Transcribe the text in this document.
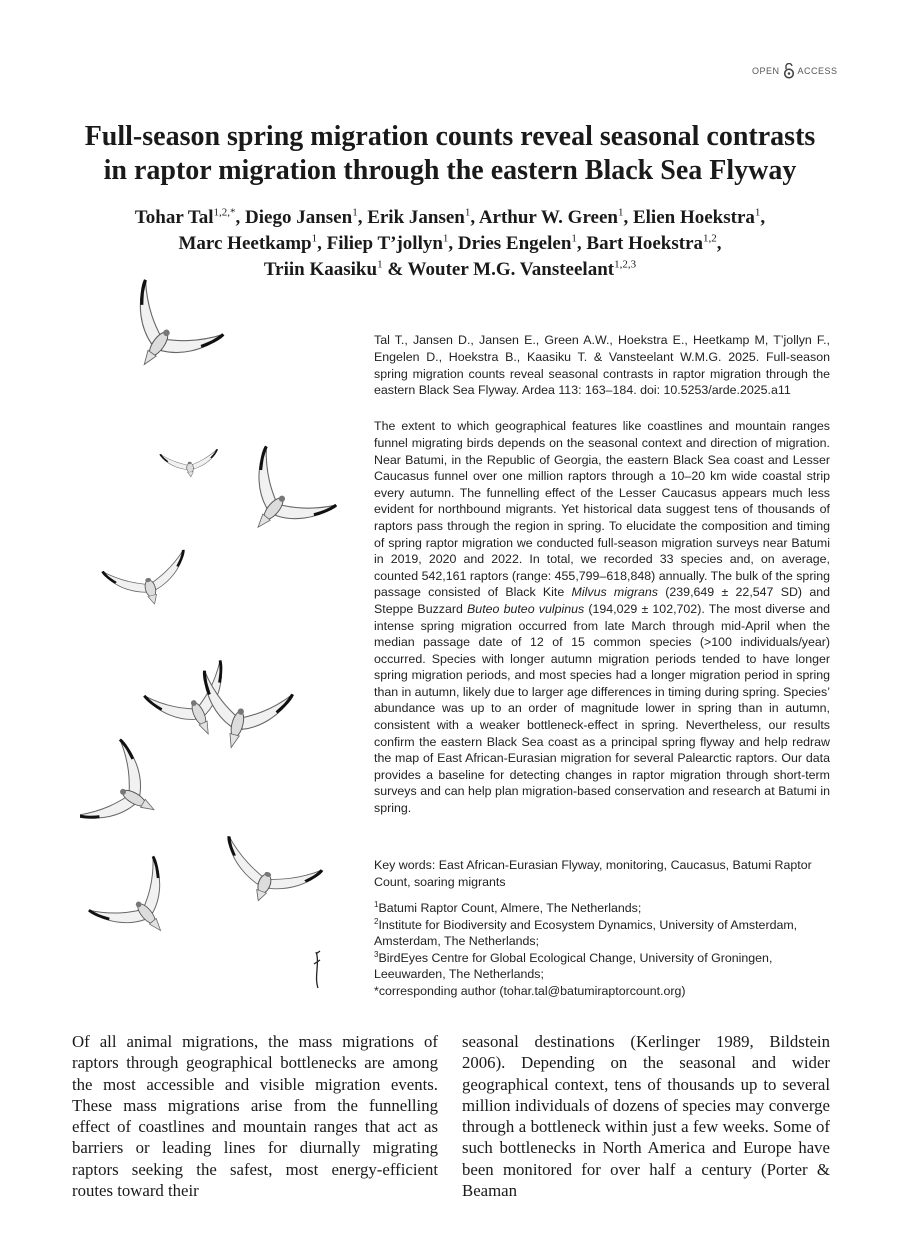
OPEN ACCESS
Full-season spring migration counts reveal seasonal contrasts
in raptor migration through the eastern Black Sea Flyway
Tohar Tal$^{1,2,*}$, Diego Jansen$^1$, Erik Jansen$^1$, Arthur W. Green$^1$, Elien Hoekstra$^1$,
Marc Heetkamp$^1$, Filiep T’jollyn$^1$, Dries Engelen$^1$, Bart Hoekstra$^{1,2}$,
Triin Kaasiku$^1$ & Wouter M.G. Vansteelant$^{1,2,3}$

Tal T., Jansen D., Jansen E., Green A.W., Hoekstra E., Heetkamp M, T’jollyn F., Engelen D., Hoekstra B., Kaasiku T. & Vansteelant W.M.G. 2025. Full-season spring migration counts reveal seasonal contrasts in raptor migration through the eastern Black Sea Flyway. Ardea 113: 163–184. doi: 10.5253/arde.2025.a11

The extent to which geographical features like coastlines and mountain ranges funnel migrating birds depends on the seasonal context and direction of migration. Near Batumi, in the Republic of Georgia, the eastern Black Sea coast and Lesser Caucasus funnel over one million raptors through a 10–20 km wide coastal strip every autumn. The funnelling effect of the Lesser Caucasus appears much less evident for northbound migrants. Yet historical data suggest tens of thousands of raptors pass through the region in spring. To elucidate the composition and timing of spring raptor migration we conducted full-season migration surveys near Batumi in 2019, 2020 and 2022. In total, we recorded 33 species and, on average, counted 542,161 raptors (range: 455,799–618,848) annually. The bulk of the spring passage consisted of Black Kite Milvus migrans (239,649 ± 22,547 SD) and Steppe Buzzard Buteo buteo vulpinus (194,029 ± 102,702). The most diverse and intense spring migration occurred from late March through mid-April when the median passage date of 12 of 15 common species (>100 individuals/year) occurred. Species with longer autumn migration periods tended to have longer spring migration periods, and most species had a longer migration period in spring than in autumn, likely due to larger age differences in timing during spring. Species’ abundance was up to an order of magnitude lower in spring than in autumn, consistent with a weaker bottleneck-effect in spring. Nevertheless, our results confirm the eastern Black Sea coast as a principal spring flyway and help redraw the map of East African-Eurasian migration for several Palearctic raptors. Our data provides a baseline for detecting changes in raptor migration through short-term surveys and can help plan migration-based conservation and research at Batumi in spring.

Key words: East African-Eurasian Flyway, monitoring, Caucasus, Batumi Raptor Count, soaring migrants

$^1$Batumi Raptor Count, Almere, The Netherlands;
$^2$Institute for Biodiversity and Ecosystem Dynamics, University of Amsterdam, Amsterdam, The Netherlands;
$^3$BirdEyes Centre for Global Ecological Change, University of Groningen, Leeuwarden, The Netherlands;
*corresponding author (tohar.tal@batumiraptorcount.org)

Of all animal migrations, the mass migrations of raptors through geographical bottlenecks are among the most accessible and visible migration events. These mass migrations arise from the funnelling effect of coastlines and mountain ranges that act as barriers or leading lines for diurnally migrating raptors seeking the safest, most energy-efficient routes toward their

seasonal destinations (Kerlinger 1989, Bildstein 2006). Depending on the seasonal and wider geographical context, tens of thousands up to several million individuals of dozens of species may converge through a bottleneck within just a few weeks. Some of such bottlenecks in North America and Europe have been monitored for over half a century (Porter & Beaman
